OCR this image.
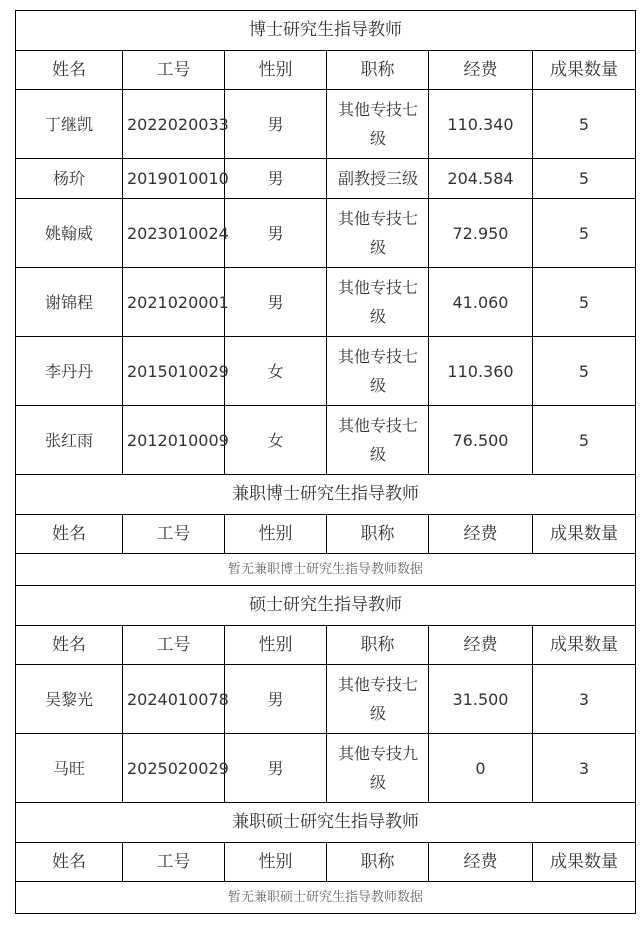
博士研究生指导教师					
姓名	工号	性别	职称	经费	成果数量
丁继凯	2022020033	男	其他专技七级	110.340	5
杨玠	2019010010	男	副教授三级	204.584	5
姚翰威	2023010024	男	其他专技七级	72.950	5
谢锦程	2021020001	男	其他专技七级	41.060	5
李丹丹	2015010029	女	其他专技七级	110.360	5
张红雨	2012010009	女	其他专技七级	76.500	5
兼职博士研究生指导教师					
姓名	工号	性别	职称	经费	成果数量
暂无兼职博士研究生指导教师数据					
硕士研究生指导教师					
姓名	工号	性别	职称	经费	成果数量
吴黎光	2024010078	男	其他专技七级	31.500	3
马旺	2025020029	男	其他专技九级	0	3
兼职硕士研究生指导教师					
姓名	工号	性别	职称	经费	成果数量
暂无兼职硕士研究生指导教师数据					
